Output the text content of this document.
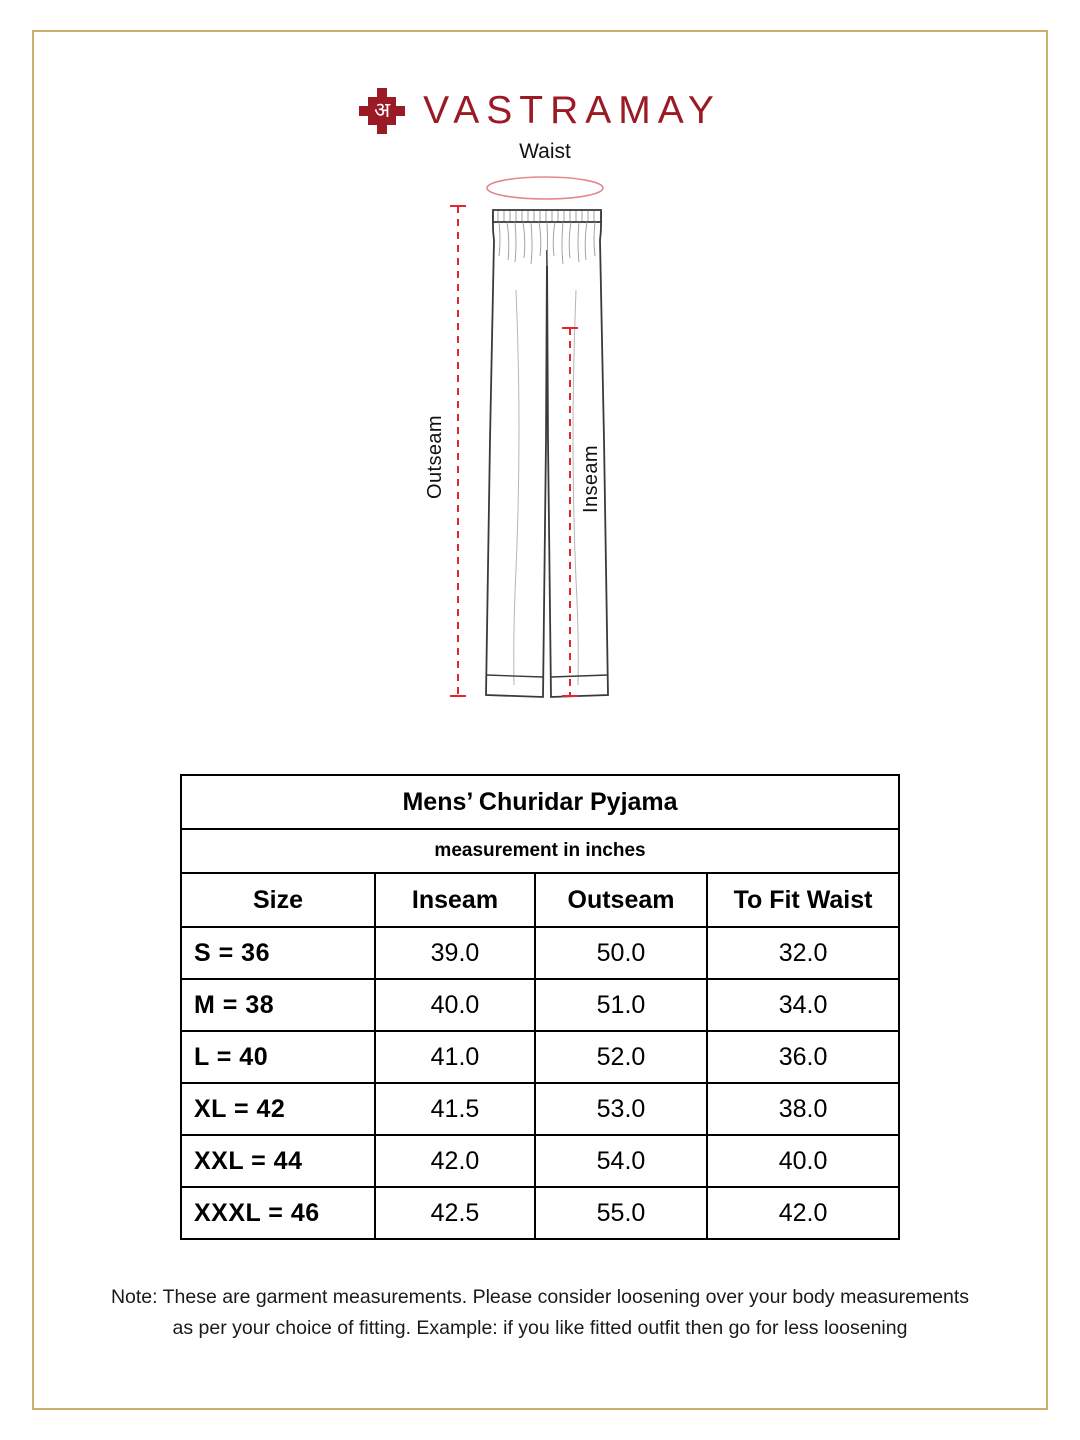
अ VASTRAMAY
Waist
Outseam	Inseam
Mens’ Churidar Pyjama			
measurement in inches			
Size	Inseam	Outseam	To Fit Waist
S = 36	39.0	50.0	32.0
M = 38	40.0	51.0	34.0
L = 40	41.0	52.0	36.0
XL = 42	41.5	53.0	38.0
XXL = 44	42.0	54.0	40.0
XXXL = 46	42.5	55.0	42.0
Note: These are garment measurements. Please consider loosening over your body measurements
as per your choice of fitting. Example: if you like fitted outfit then go for less loosening
